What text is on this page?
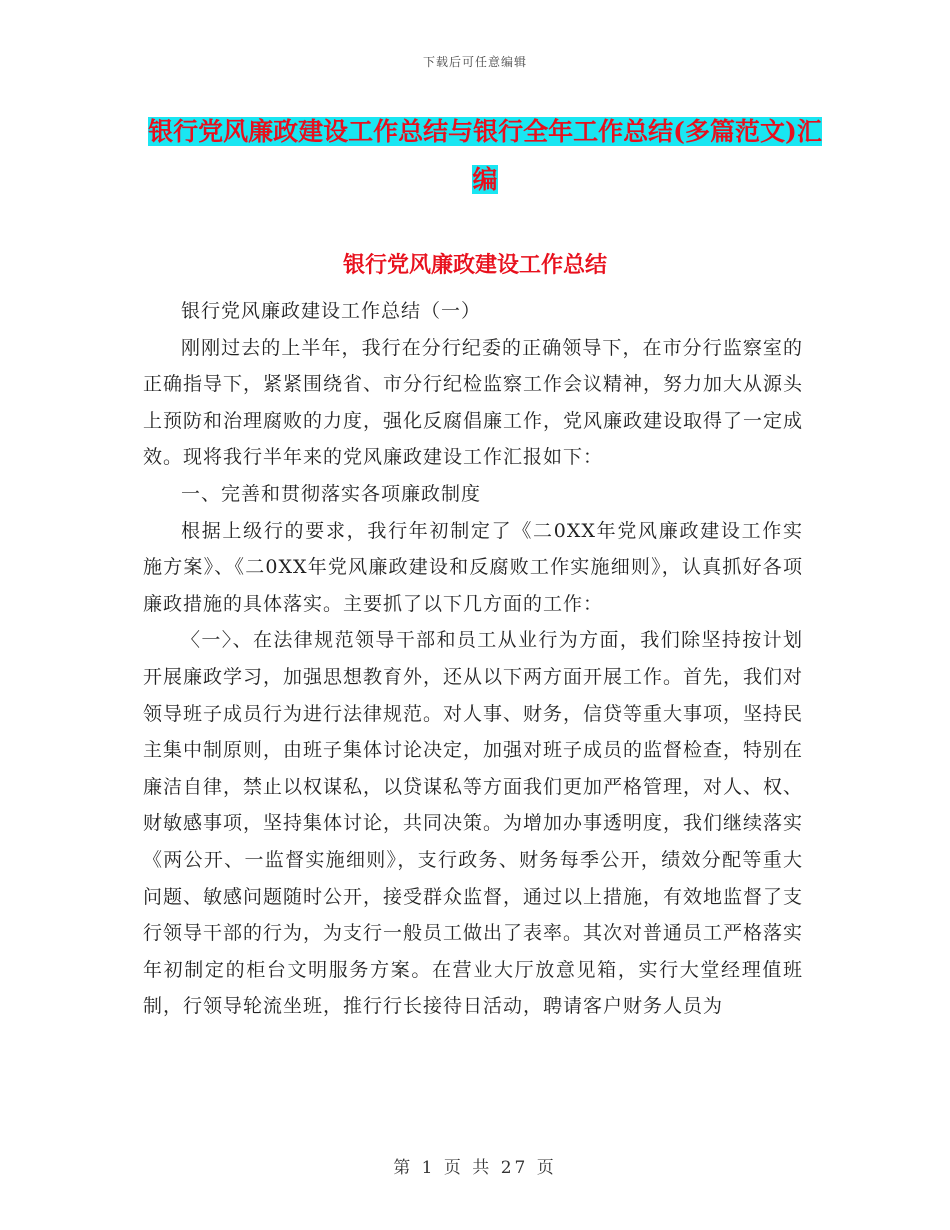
下载后可任意编辑
银行党风廉政建设工作总结与银行全年工作总结(多篇范文)汇编
银行党风廉政建设工作总结

银行党风廉政建设工作总结（一）

刚刚过去的上半年，我行在分行纪委的正确领导下，在市分行监察室的正确指导下，紧紧围绕省、市分行纪检监察工作会议精神，努力加大从源头上预防和治理腐败的力度，强化反腐倡廉工作，党风廉政建设取得了一定成效。现将我行半年来的党风廉政建设工作汇报如下：

一、完善和贯彻落实各项廉政制度

根据上级行的要求，我行年初制定了《二0XX年党风廉政建设工作实施方案》、《二0XX年党风廉政建设和反腐败工作实施细则》，认真抓好各项廉政措施的具体落实。主要抓了以下几方面的工作：

〈一〉、在法律规范领导干部和员工从业行为方面，我们除坚持按计划开展廉政学习，加强思想教育外，还从以下两方面开展工作。首先，我们对领导班子成员行为进行法律规范。对人事、财务，信贷等重大事项，坚持民主集中制原则，由班子集体讨论决定，加强对班子成员的监督检查，特别在廉洁自律，禁止以权谋私，以贷谋私等方面我们更加严格管理，对人、权、财敏感事项，坚持集体讨论，共同决策。为增加办事透明度，我们继续落实《两公开、一监督实施细则》，支行政务、财务每季公开，绩效分配等重大问题、敏感问题随时公开，接受群众监督，通过以上措施，有效地监督了支行领导干部的行为，为支行一般员工做出了表率。其次对普通员工严格落实年初制定的柜台文明服务方案。在营业大厅放意见箱，实行大堂经理值班制，行领导轮流坐班，推行行长接待日活动，聘请客户财务人员为

第 1 页 共 27 页
